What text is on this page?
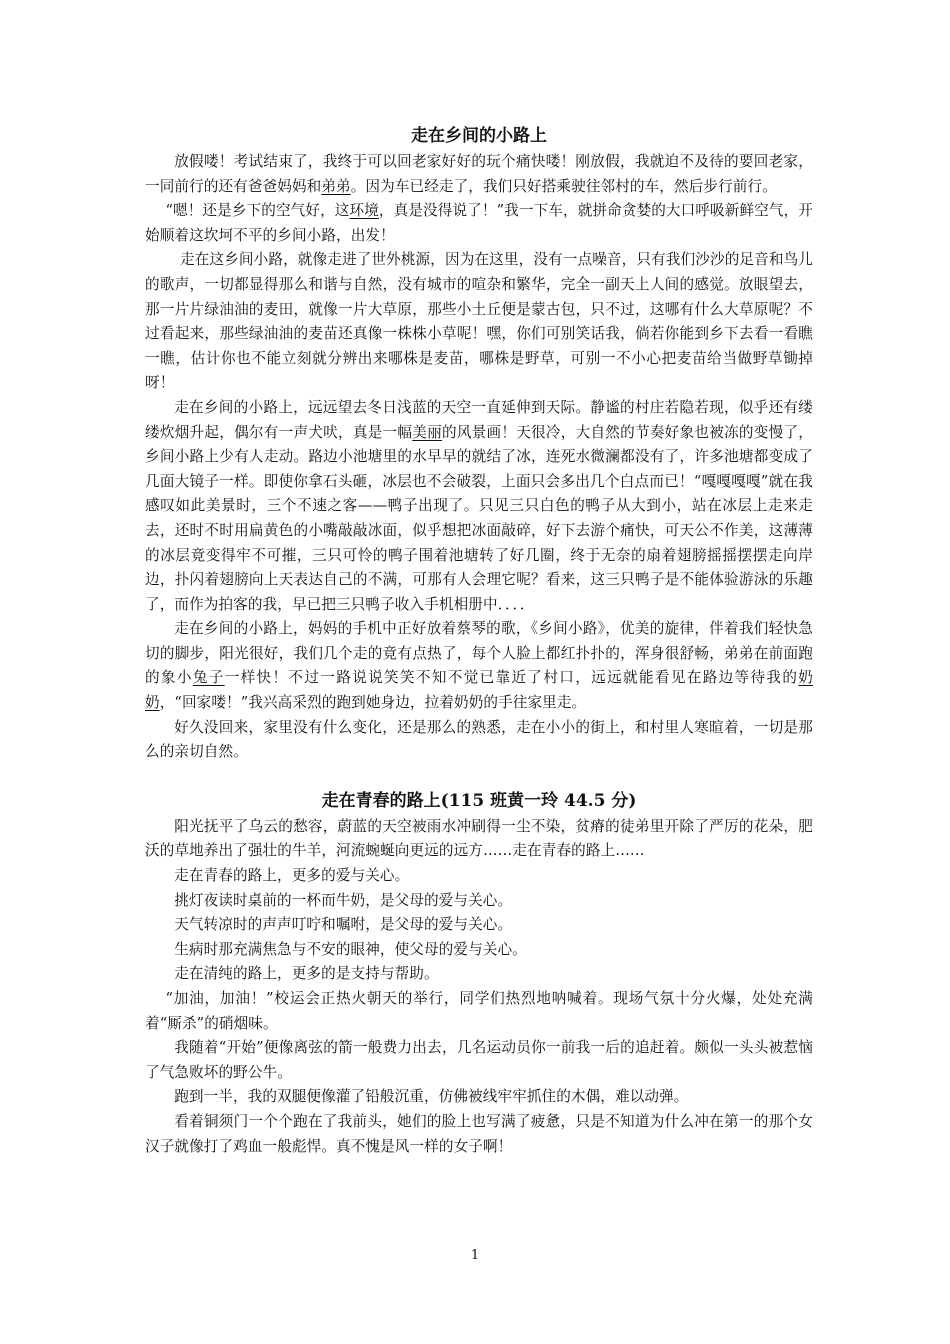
走在乡间的小路上

放假喽！考试结束了，我终于可以回老家好好的玩个痛快喽！刚放假，我就迫不及待的要回老家，一同前行的还有爸爸妈妈和弟弟。因为车已经走了，我们只好搭乘驶往邻村的车，然后步行前行。

“嗯！还是乡下的空气好，这环境，真是没得说了！”我一下车，就拼命贪婪的大口呼吸新鲜空气，开始顺着这坎坷不平的乡间小路，出发！

走在这乡间小路，就像走进了世外桃源，因为在这里，没有一点噪音，只有我们沙沙的足音和鸟儿的歌声，一切都显得那么和谐与自然，没有城市的喧杂和繁华，完全一副天上人间的感觉。放眼望去，那一片片绿油油的麦田，就像一片大草原，那些小土丘便是蒙古包，只不过，这哪有什么大草原呢？不过看起来，那些绿油油的麦苗还真像一株株小草呢！嘿，你们可别笑话我，倘若你能到乡下去看一看瞧一瞧，估计你也不能立刻就分辨出来哪株是麦苗，哪株是野草，可别一不小心把麦苗给当做野草锄掉呀！

走在乡间的小路上，远远望去冬日浅蓝的天空一直延伸到天际。静谧的村庄若隐若现，似乎还有缕缕炊烟升起，偶尔有一声犬吠，真是一幅美丽的风景画！天很冷，大自然的节奏好象也被冻的变慢了，乡间小路上少有人走动。路边小池塘里的水早早的就结了冰，连死水微澜都没有了，许多池塘都变成了几面大镜子一样。即使你拿石头砸，冰层也不会破裂，上面只会多出几个白点而已！“嘎嘎嘎嘎”就在我感叹如此美景时，三个不速之客——鸭子出现了。只见三只白色的鸭子从大到小，站在冰层上走来走去，还时不时用扁黄色的小嘴敲敲冰面，似乎想把冰面敲碎，好下去游个痛快，可天公不作美，这薄薄的冰层竟变得牢不可摧，三只可怜的鸭子围着池塘转了好几圈，终于无奈的扇着翅膀摇摇摆摆走向岸边，扑闪着翅膀向上天表达自己的不满，可那有人会理它呢？看来，这三只鸭子是不能体验游泳的乐趣了，而作为拍客的我，早已把三只鸭子收入手机相册中．．．．

走在乡间的小路上，妈妈的手机中正好放着蔡琴的歌，《乡间小路》，优美的旋律，伴着我们轻快急切的脚步，阳光很好，我们几个走的竟有点热了，每个人脸上都红扑扑的，浑身很舒畅，弟弟在前面跑的象小兔子一样快！不过一路说说笑笑不知不觉已靠近了村口，远远就能看见在路边等待我的奶奶，“回家喽！”我兴高采烈的跑到她身边，拉着奶奶的手往家里走。

好久没回来，家里没有什么变化，还是那么的熟悉，走在小小的街上，和村里人寒暄着，一切是那么的亲切自然。

走在青春的路上(115 班黄一玲 44.5 分)

阳光抚平了乌云的愁容，蔚蓝的天空被雨水冲刷得一尘不染，贫瘠的徒弟里开除了严厉的花朵，肥沃的草地养出了强壮的牛羊，河流蜿蜒向更远的远方……走在青春的路上……

走在青春的路上，更多的爱与关心。

挑灯夜读时桌前的一杯而牛奶，是父母的爱与关心。

天气转凉时的声声叮咛和嘱咐，是父母的爱与关心。

生病时那充满焦急与不安的眼神，使父母的爱与关心。

走在清纯的路上，更多的是支持与帮助。

“加油，加油！”校运会正热火朝天的举行，同学们热烈地呐喊着。现场气氛十分火爆，处处充满着“厮杀”的硝烟味。

我随着“开始”便像离弦的箭一般费力出去，几名运动员你一前我一后的追赶着。颇似一头头被惹恼了气急败坏的野公牛。

跑到一半，我的双腿便像灌了铅般沉重，仿佛被线牢牢抓住的木偶，难以动弹。

看着铜须门一个个跑在了我前头，她们的脸上也写满了疲惫，只是不知道为什么冲在第一的那个女汉子就像打了鸡血一般彪悍。真不愧是风一样的女子啊！

1
